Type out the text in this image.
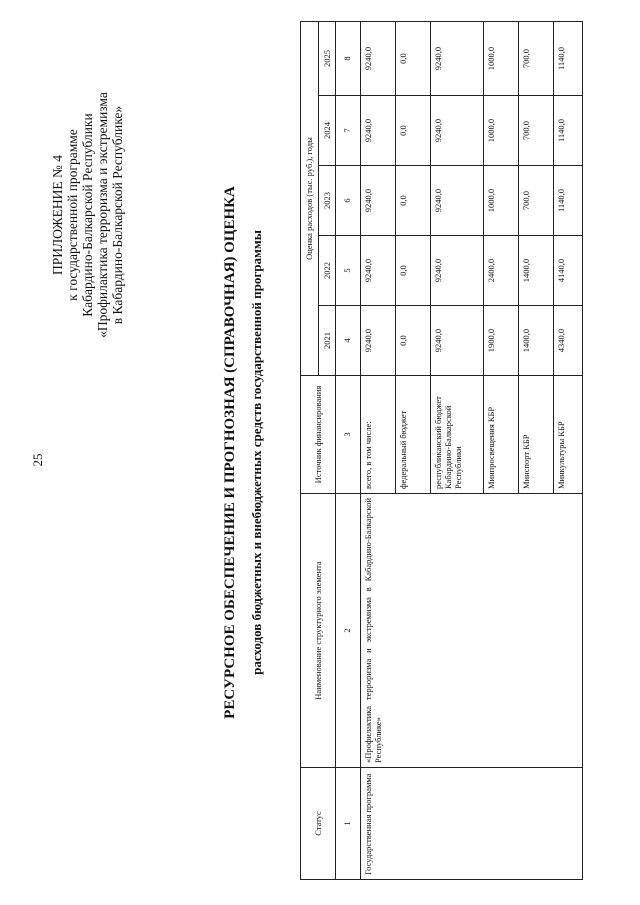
25
ПРИЛОЖЕНИЕ № 4 к государственной программе Кабардино-Балкарской Республики «Профилактика терроризма и экстремизма в Кабардино-Балкарской Республике»	РЕСУРСНОЕ ОБЕСПЕЧЕНИЕ И ПРОГНОЗНАЯ (СПРАВОЧНАЯ) ОЦЕНКА расходов бюджетных и внебюджетных средств государственной программы
Статус	Наименование структурного элемента	Источник финансирования	Оценка расходов (тыс. руб.), годы				
			2021	2022	2023	2024	2025
1	2	3	4	5	6	7	8
Государственная программа	«Профилактика терроризма и экстремизма в Кабардино-Балкарской Республике»	всего, в том числе:	9240,0	9240,0	9240,0	9240,0	9240,0
		федеральный бюджет	0,0	0,0	0,0	0,0	0,0
		республиканский бюджет Кабардино-Балкарской Республики	9240,0	9240,0	9240,0	9240,0	9240,0
		Минпросвещения КБР	1900,0	2400,0	1000,0	1000,0	1000,0
		Минспорт КБР	1400,0	1400,0	700,0	700,0	700,0
		Минкультуры КБР	4340,0	4140,0	1140,0	1140,0	1140,0
